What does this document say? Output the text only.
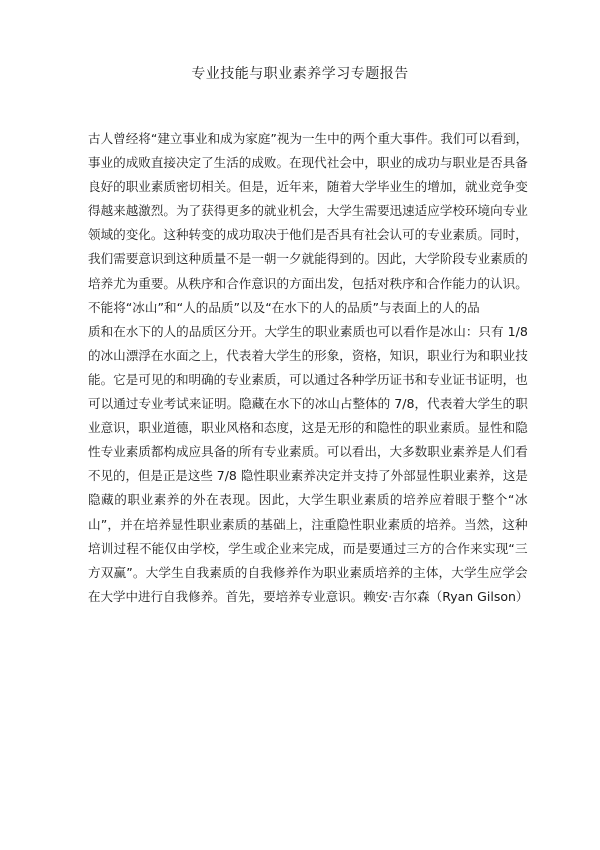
专业技能与职业素养学习专题报告
古人曾经将“建立事业和成为家庭”视为一生中的两个重大事件。我们可以看到，
事业的成败直接决定了生活的成败。在现代社会中，职业的成功与职业是否具备
良好的职业素质密切相关。但是，近年来，随着大学毕业生的增加，就业竞争变
得越来越激烈。为了获得更多的就业机会，大学生需要迅速适应学校环境向专业
领域的变化。这种转变的成功取决于他们是否具有社会认可的专业素质。同时，
我们需要意识到这种质量不是一朝一夕就能得到的。因此，大学阶段专业素质的
培养尤为重要。从秩序和合作意识的方面出发，包括对秩序和合作能力的认识。
不能将“冰山”和“人的品质”以及“在水下的人的品质”与表面上的人的品
质和在水下的人的品质区分开。大学生的职业素质也可以看作是冰山：只有 1/8
的冰山漂浮在水面之上，代表着大学生的形象，资格，知识，职业行为和职业技
能。它是可见的和明确的专业素质，可以通过各种学历证书和专业证书证明，也
可以通过专业考试来证明。隐藏在水下的冰山占整体的 7/8，代表着大学生的职
业意识，职业道德，职业风格和态度，这是无形的和隐性的职业素质。显性和隐
性专业素质都构成应具备的所有专业素质。可以看出，大多数职业素养是人们看
不见的，但是正是这些 7/8 隐性职业素养决定并支持了外部显性职业素养，这是
隐藏的职业素养的外在表现。因此，大学生职业素质的培养应着眼于整个“冰
山”，并在培养显性职业素质的基础上，注重隐性职业素质的培养。当然，这种
培训过程不能仅由学校，学生或企业来完成，而是要通过三方的合作来实现“三
方双赢”。大学生自我素质的自我修养作为职业素质培养的主体，大学生应学会
在大学中进行自我修养。首先，要培养专业意识。赖安·吉尔森（Ryan Gilson）
